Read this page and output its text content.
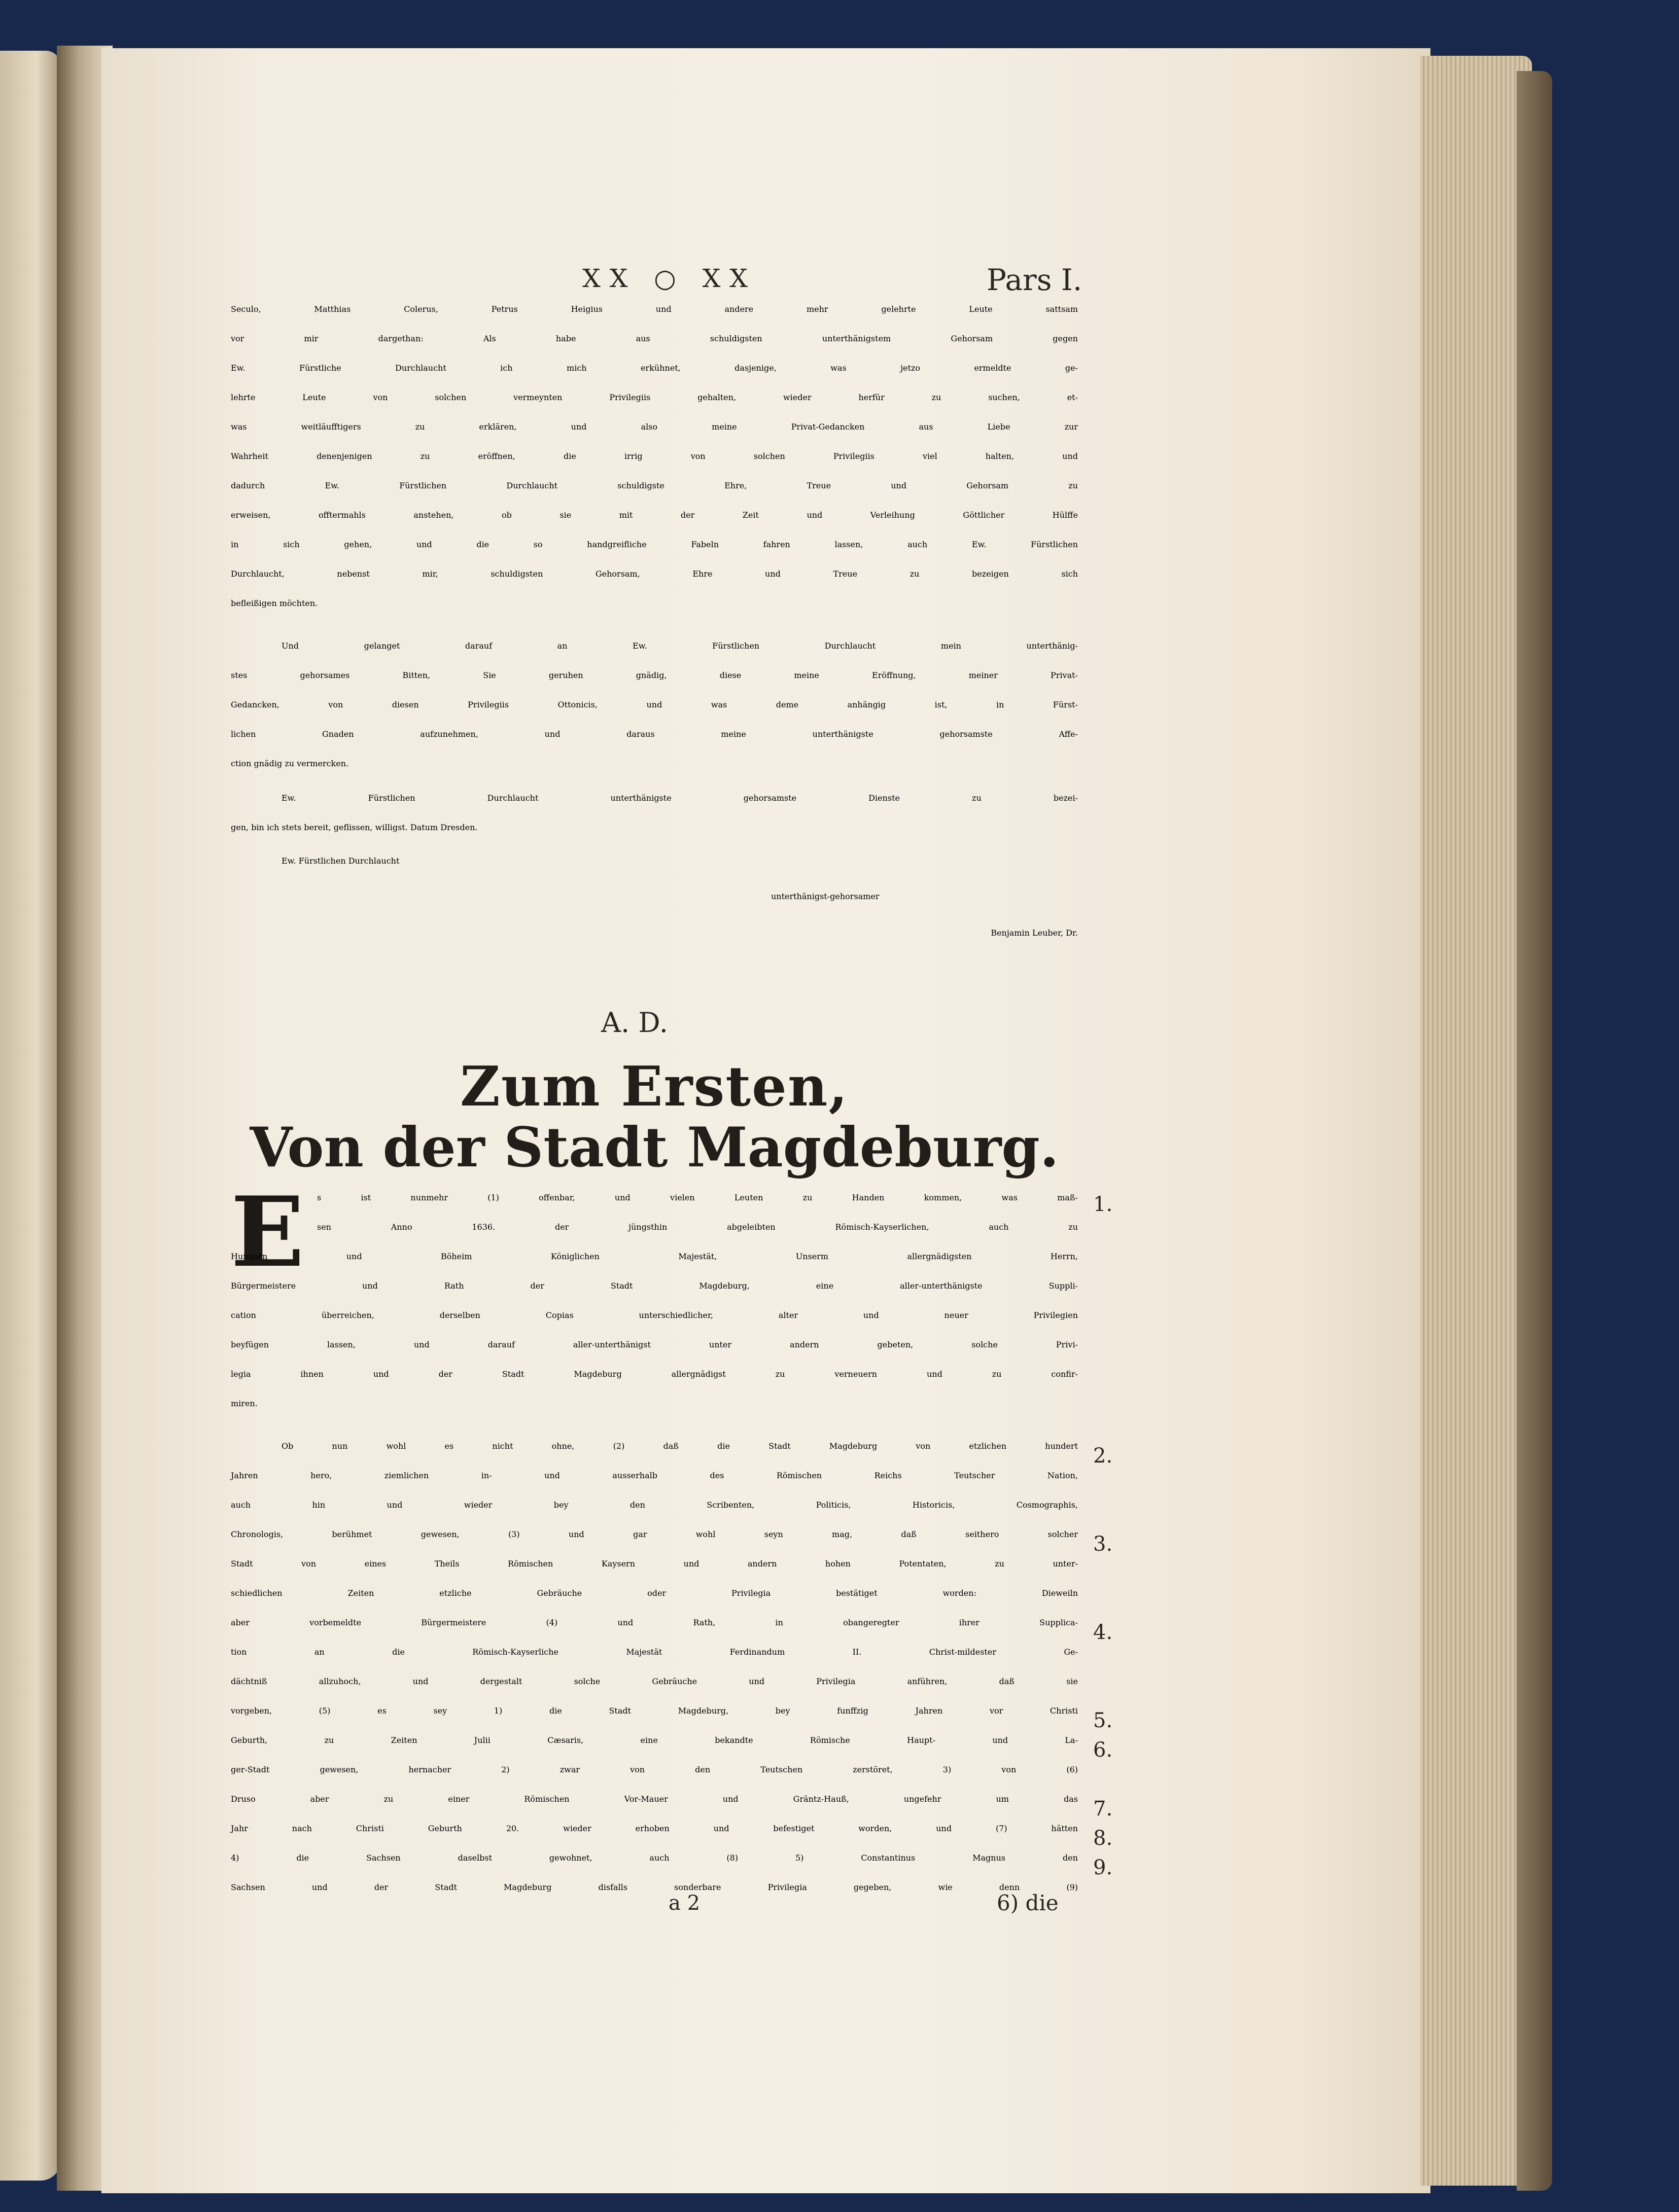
XX ○ XX	Pars I.
Seculo, Matthias Colerus, Petrus Heigius und andere mehr gelehrte Leute sattsam
vor mir dargethan: Als habe aus schuldigsten unterthänigstem Gehorsam gegen
Ew. Fürstliche Durchlaucht ich mich erkühnet, dasjenige, was jetzo ermeldte ge-
lehrte Leute von solchen vermeynten Privilegiis gehalten, wieder herfür zu suchen, et-
was weitläufftigers zu erklären, und also meine Privat-Gedancken aus Liebe zur
Wahrheit denenjenigen zu eröffnen, die irrig von solchen Privilegiis viel halten, und
dadurch Ew. Fürstlichen Durchlaucht schuldigste Ehre, Treue und Gehorsam zu
erweisen, offtermahls anstehen, ob sie mit der Zeit und Verleihung Göttlicher Hülffe
in sich gehen, und die so handgreifliche Fabeln fahren lassen, auch Ew. Fürstlichen
Durchlaucht, nebenst mir, schuldigsten Gehorsam, Ehre und Treue zu bezeigen sich
befleißigen möchten.
Und gelanget darauf an Ew. Fürstlichen Durchlaucht mein unterthänig-
stes gehorsames Bitten, Sie geruhen gnädig, diese meine Eröffnung, meiner Privat-
Gedancken, von diesen Privilegiis Ottonicis, und was deme anhängig ist, in Fürst-
lichen Gnaden aufzunehmen, und daraus meine unterthänigste gehorsamste Affe-
ction gnädig zu vermercken.
Ew. Fürstlichen Durchlaucht unterthänigste gehorsamste Dienste zu bezei-
gen, bin ich stets bereit, geflissen, willigst. Datum Dresden.
Ew. Fürstlichen Durchlaucht
unterthänigst-gehorsamer
Benjamin Leuber, Dr.
A. D.
Zum Ersten,
Von der Stadt Magdeburg.
E	s ist nunmehr (1) offenbar, und vielen Leuten zu Handen kommen, was maß-
sen Anno 1636. der jüngsthin abgeleibten Römisch-Kayserlichen, auch zu
Hungarn und Böheim Königlichen Majestät, Unserm allergnädigsten Herrn,
Bürgermeistere und Rath der Stadt Magdeburg, eine aller-unterthänigste Suppli-
cation überreichen, derselben Copias unterschiedlicher, alter und neuer Privilegien
beyfügen lassen, und darauf aller-unterthänigst unter andern gebeten, solche Privi-
legia ihnen und der Stadt Magdeburg allergnädigst zu verneuern und zu confir-
miren.
Ob nun wohl es nicht ohne, (2) daß die Stadt Magdeburg von etzlichen hundert
Jahren hero, ziemlichen in- und ausserhalb des Römischen Reichs Teutscher Nation,
auch hin und wieder bey den Scribenten, Politicis, Historicis, Cosmographis,
Chronologis, berühmet gewesen, (3) und gar wohl seyn mag, daß seithero solcher
Stadt von eines Theils Römischen Kaysern und andern hohen Potentaten, zu unter-
schiedlichen Zeiten etzliche Gebräuche oder Privilegia bestätiget worden: Dieweiln
aber vorbemeldte Bürgermeistere (4) und Rath, in obangeregter ihrer Supplica-
tion an die Römisch-Kayserliche Majestät Ferdinandum II. Christ-mildester Ge-
dächtniß allzuhoch, und dergestalt solche Gebräuche und Privilegia anführen, daß sie
vorgeben, (5) es sey 1) die Stadt Magdeburg, bey funffzig Jahren vor Christi
Geburth, zu Zeiten Julii Cæsaris, eine bekandte Römische Haupt- und La-
ger-Stadt gewesen, hernacher 2) zwar von den Teutschen zerstöret, 3) von (6)
Druso aber zu einer Römischen Vor-Mauer und Gräntz-Hauß, ungefehr um das
Jahr nach Christi Geburth 20. wieder erhoben und befestiget worden, und (7) hätten
4) die Sachsen daselbst gewohnet, auch (8) 5) Constantinus Magnus den
Sachsen und der Stadt Magdeburg disfalls sonderbare Privilegia gegeben, wie denn (9)
1.
2.
3.
4.
5.
6.
7.
8.
9.
a 2	6) die
